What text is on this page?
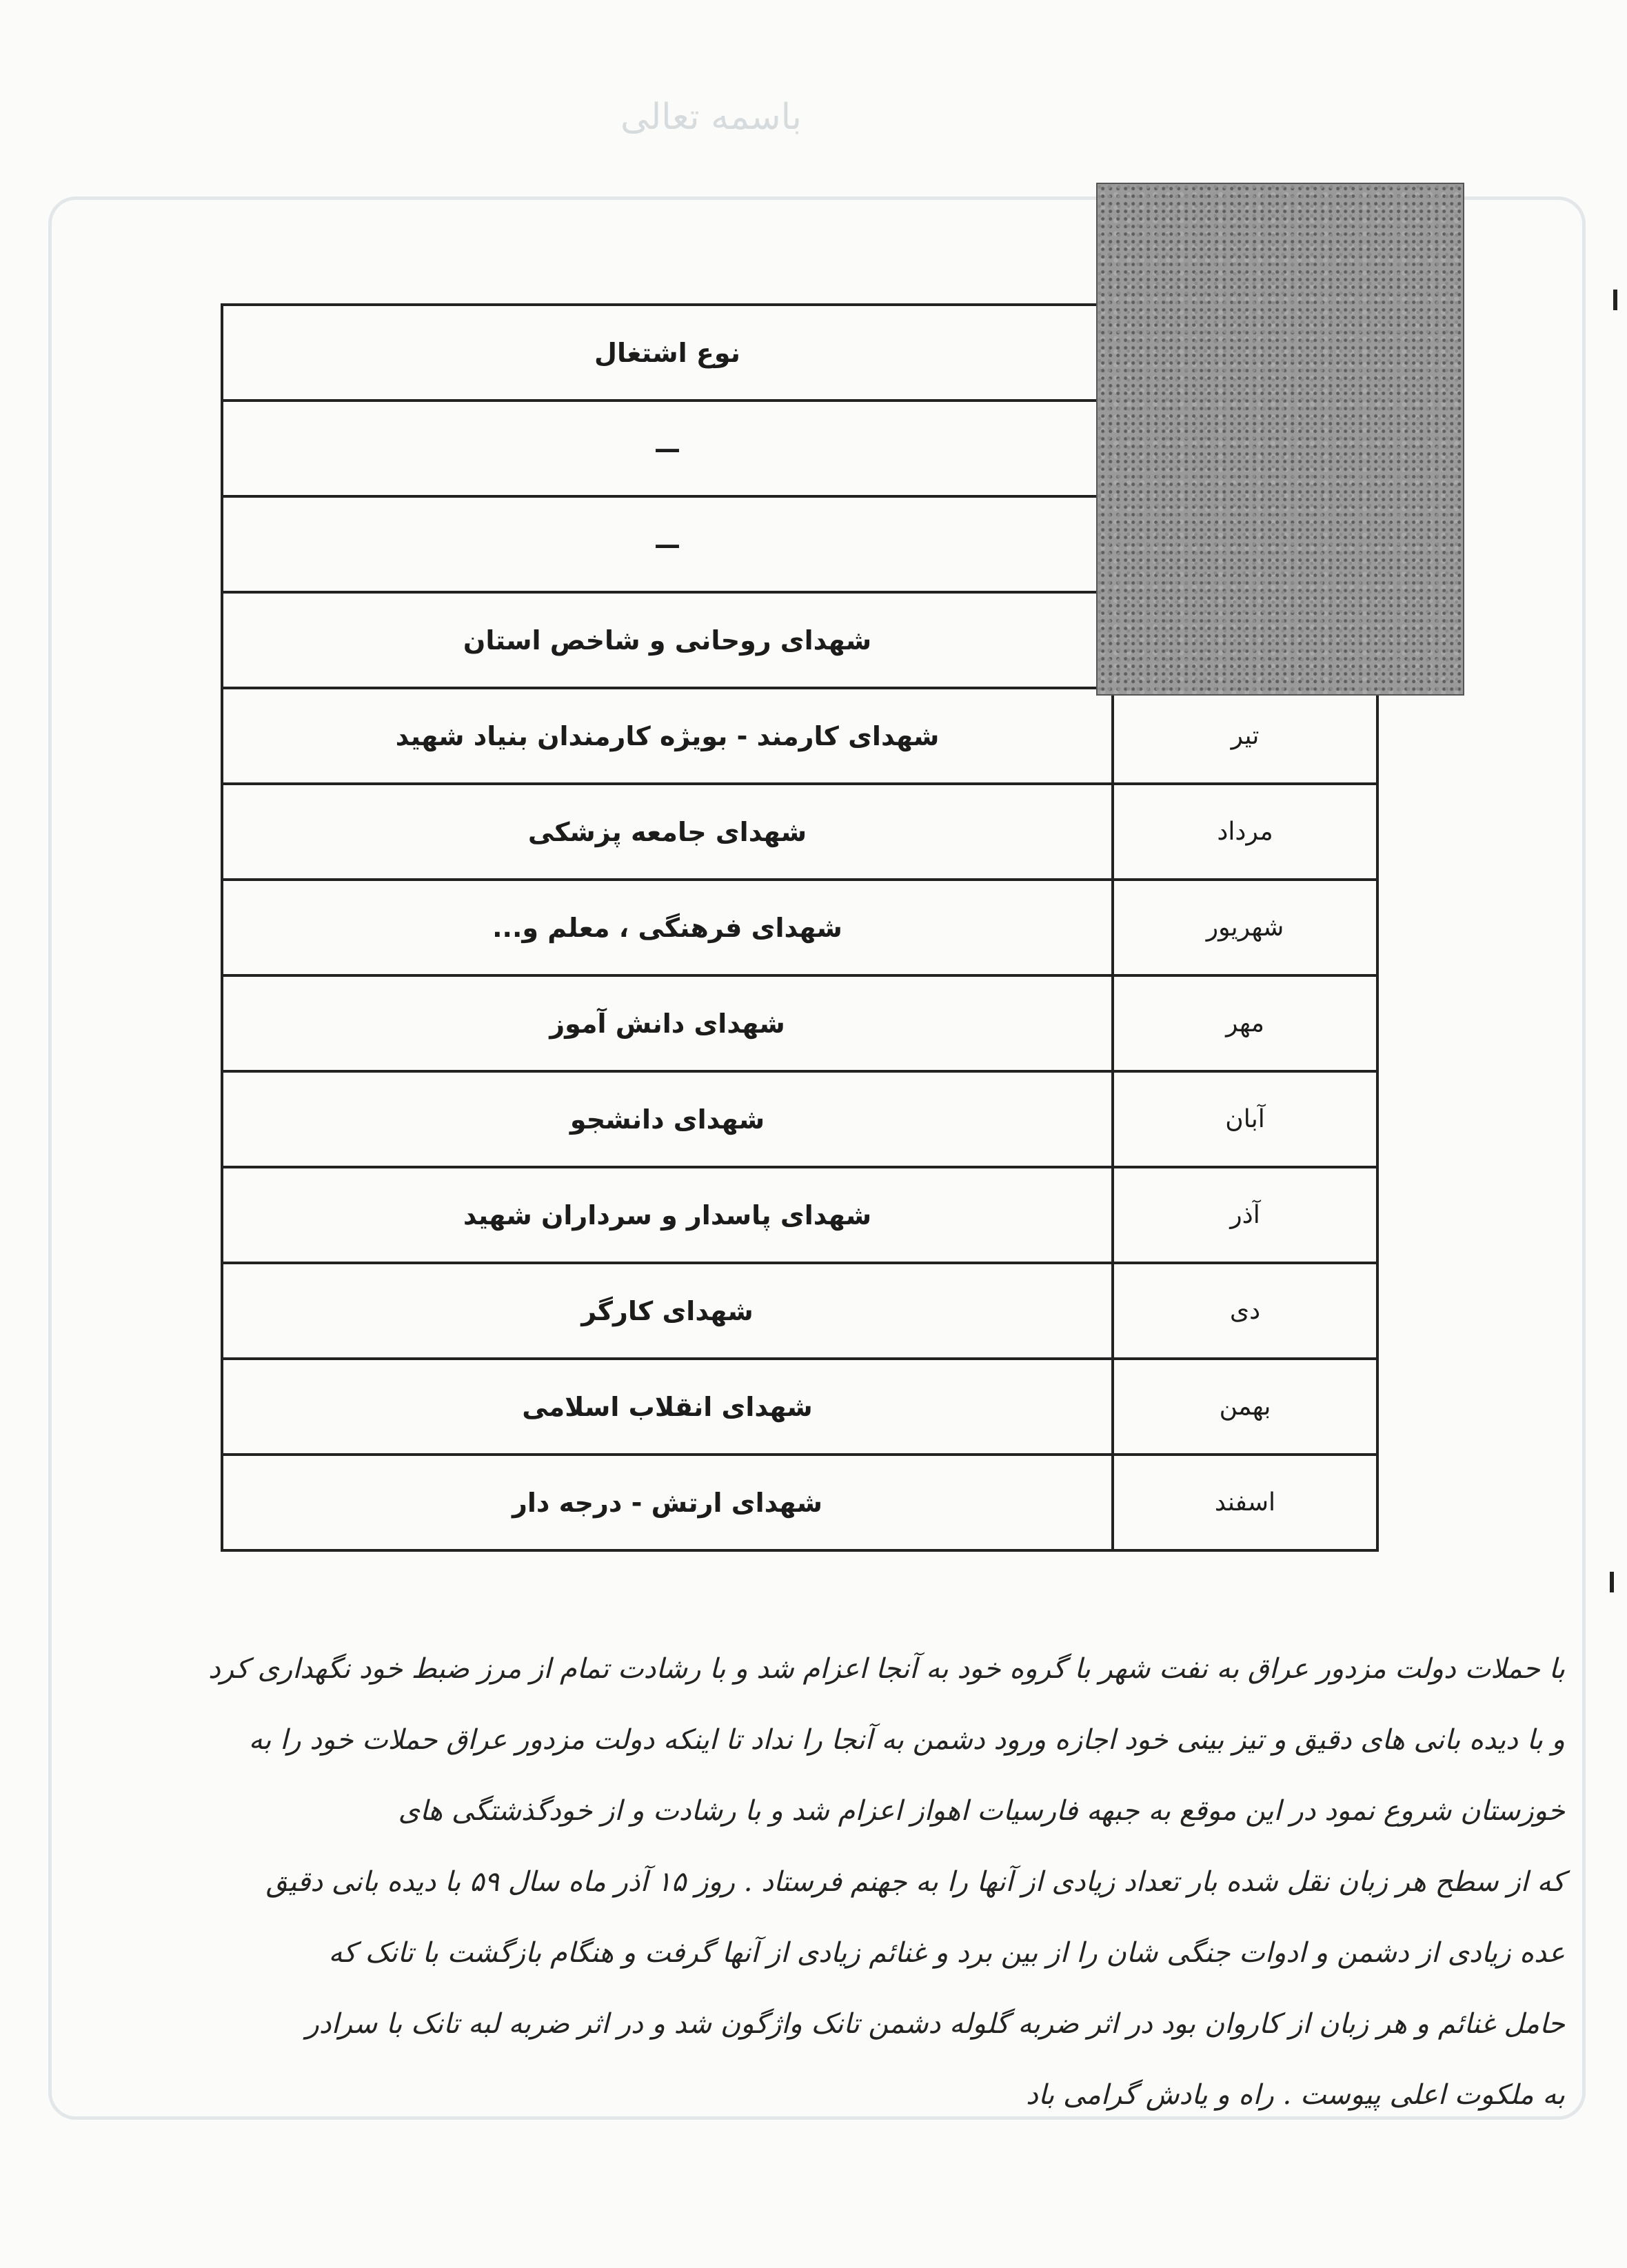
باسمه تعالی
	نوع اشتغال
	—
	—
	شهدای روحانی و شاخص استان
تیر	شهدای کارمند - بویژه کارمندان بنیاد شهید
مرداد	شهدای جامعه پزشکی
شهریور	شهدای فرهنگی ، معلم و...
مهر	شهدای دانش آموز
آبان	شهدای دانشجو
آذر	شهدای پاسدار و سرداران شهید
دی	شهدای کارگر
بهمن	شهدای انقلاب اسلامی
اسفند	شهدای ارتش - درجه دار

با حملات دولت مزدور عراق به نفت شهر با گروه خود به آنجا اعزام شد و با رشادت تمام از مرز ضبط خود نگهداری کرد

و با دیده بانی های دقیق و تیز بینی خود اجازه ورود دشمن به آنجا را نداد تا اینکه دولت مزدور عراق حملات خود را به

خوزستان شروع نمود در این موقع به جبهه فارسیات اهواز اعزام شد و با رشادت و از خودگذشتگی های

که از سطح هر زبان نقل شده بار تعداد زیادی از آنها را به جهنم فرستاد . روز ۱۵ آذر ماه سال ۵۹ با دیده بانی دقیق

عده زیادی از دشمن و ادوات جنگی شان را از بین برد و غنائم زیادی از آنها گرفت و هنگام بازگشت با تانک که

حامل غنائم و هر زبان از کاروان بود در اثر ضربه گلوله دشمن تانک واژگون شد و در اثر ضربه لبه تانک با سرادر

به ملکوت اعلی پیوست . راه و یادش گرامی باد
